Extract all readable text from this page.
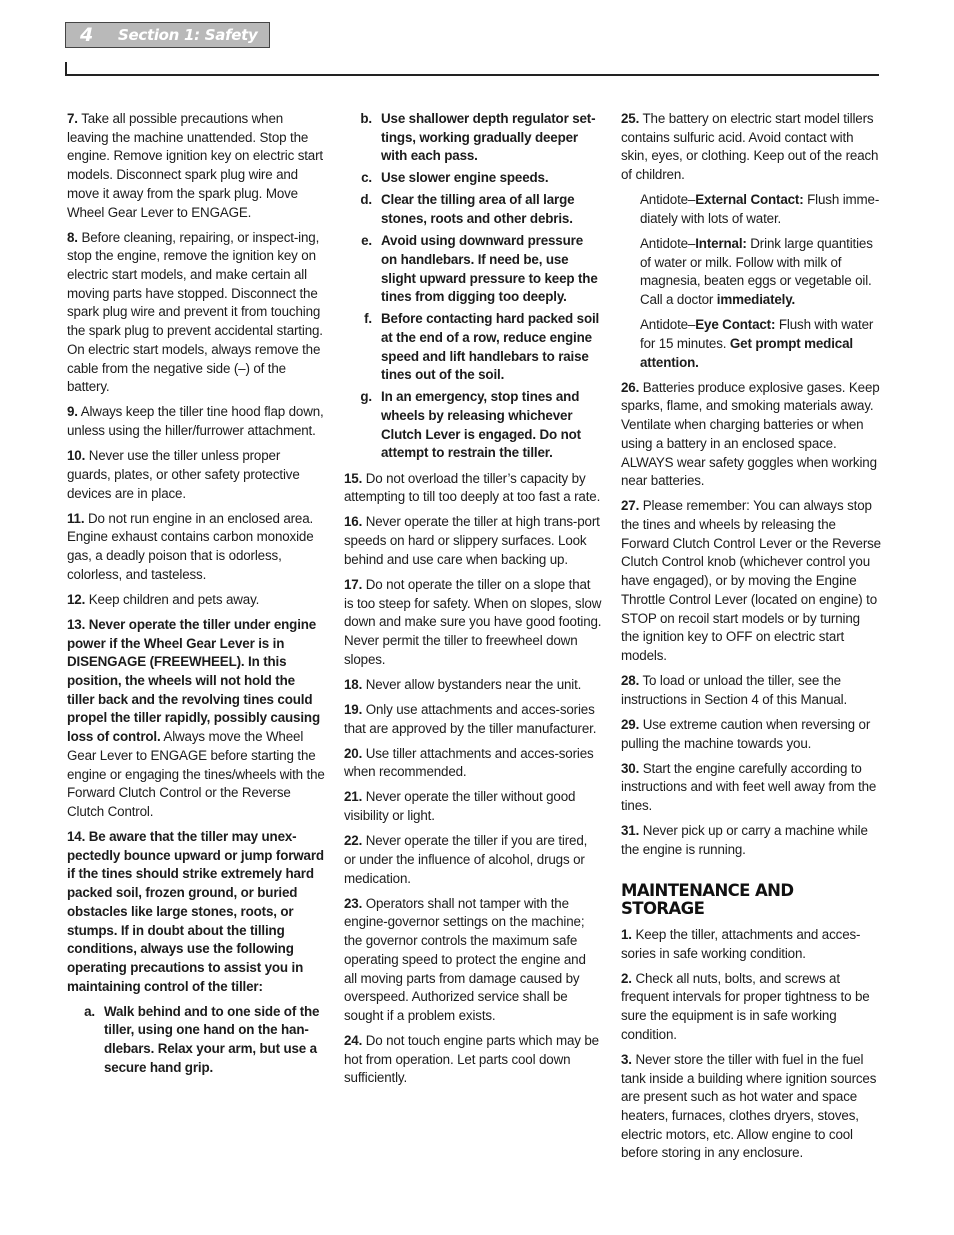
4	Section 1: Safety

7. Take all possible precautions when leaving the machine unattended. Stop the engine. Remove ignition key on electric start models. Disconnect spark plug wire and move it away from the spark plug. Move Wheel Gear Lever to ENGAGE.

8. Before cleaning, repairing, or inspect-ing, stop the engine, remove the ignition key on electric start models, and make certain all moving parts have stopped. Disconnect the spark plug wire and prevent it from touching the spark plug to prevent accidental starting. On electric start models, always remove the cable from the negative side (–) of the battery.

9. Always keep the tiller tine hood flap down, unless using the hiller/furrower attachment.

10. Never use the tiller unless proper guards, plates, or other safety protective devices are in place.

11. Do not run engine in an enclosed area. Engine exhaust contains carbon monoxide gas, a deadly poison that is odorless, colorless, and tasteless.

12. Keep children and pets away.

13. Never operate the tiller under engine power if the Wheel Gear Lever is in DISENGAGE (FREEWHEEL). In this position, the wheels will not hold the tiller back and the revolving tines could propel the tiller rapidly, possibly causing loss of control. Always move the Wheel Gear Lever to ENGAGE before starting the engine or engaging the tines/wheels with the Forward Clutch Control or the Reverse Clutch Control.

14. Be aware that the tiller may unex-pectedly bounce upward or jump forward if the tines should strike extremely hard packed soil, frozen ground, or buried obstacles like large stones, roots, or stumps. If in doubt about the tilling conditions, always use the following operating precautions to assist you in maintaining control of the tiller:

a. Walk behind and to one side of the tiller, using one hand on the han-dlebars. Relax your arm, but use a secure hand grip.
b. Use shallower depth regulator set-tings, working gradually deeper with each pass.
c. Use slower engine speeds.
d. Clear the tilling area of all large stones, roots and other debris.
e. Avoid using downward pressure on handlebars. If need be, use slight upward pressure to keep the tines from digging too deeply.
f. Before contacting hard packed soil at the end of a row, reduce engine speed and lift handlebars to raise tines out of the soil.
g. In an emergency, stop tines and wheels by releasing whichever Clutch Lever is engaged. Do not attempt to restrain the tiller.

15. Do not overload the tiller’s capacity by attempting to till too deeply at too fast a rate.

16. Never operate the tiller at high trans-port speeds on hard or slippery surfaces. Look behind and use care when backing up.

17. Do not operate the tiller on a slope that is too steep for safety. When on slopes, slow down and make sure you have good footing. Never permit the tiller to freewheel down slopes.

18. Never allow bystanders near the unit.

19. Only use attachments and acces-sories that are approved by the tiller manufacturer.

20. Use tiller attachments and acces-sories when recommended.

21. Never operate the tiller without good visibility or light.

22. Never operate the tiller if you are tired, or under the influence of alcohol, drugs or medication.

23. Operators shall not tamper with the engine-governor settings on the machine; the governor controls the maximum safe operating speed to protect the engine and all moving parts from damage caused by overspeed. Authorized service shall be sought if a problem exists.

24. Do not touch engine parts which may be hot from operation. Let parts cool down sufficiently.

25. The battery on electric start model tillers contains sulfuric acid. Avoid contact with skin, eyes, or clothing. Keep out of the reach of children.

Antidote–External Contact: Flush imme-diately with lots of water.

Antidote–Internal: Drink large quantities of water or milk. Follow with milk of magnesia, beaten eggs or vegetable oil. Call a doctor immediately.

Antidote–Eye Contact: Flush with water for 15 minutes. Get prompt medical attention.

26. Batteries produce explosive gases. Keep sparks, flame, and smoking materials away. Ventilate when charging batteries or when using a battery in an enclosed space. ALWAYS wear safety goggles when working near batteries.

27. Please remember: You can always stop the tines and wheels by releasing the Forward Clutch Control Lever or the Reverse Clutch Control knob (whichever control you have engaged), or by moving the Engine Throttle Control Lever (located on engine) to STOP on recoil start models or by turning the ignition key to OFF on electric start models.

28. To load or unload the tiller, see the instructions in Section 4 of this Manual.

29. Use extreme caution when reversing or pulling the machine towards you.

30. Start the engine carefully according to instructions and with feet well away from the tines.

31. Never pick up or carry a machine while the engine is running.

MAINTENANCE AND STORAGE

1. Keep the tiller, attachments and acces-sories in safe working condition.

2. Check all nuts, bolts, and screws at frequent intervals for proper tightness to be sure the equipment is in safe working condition.

3. Never store the tiller with fuel in the fuel tank inside a building where ignition sources are present such as hot water and space heaters, furnaces, clothes dryers, stoves, electric motors, etc. Allow engine to cool before storing in any enclosure.
